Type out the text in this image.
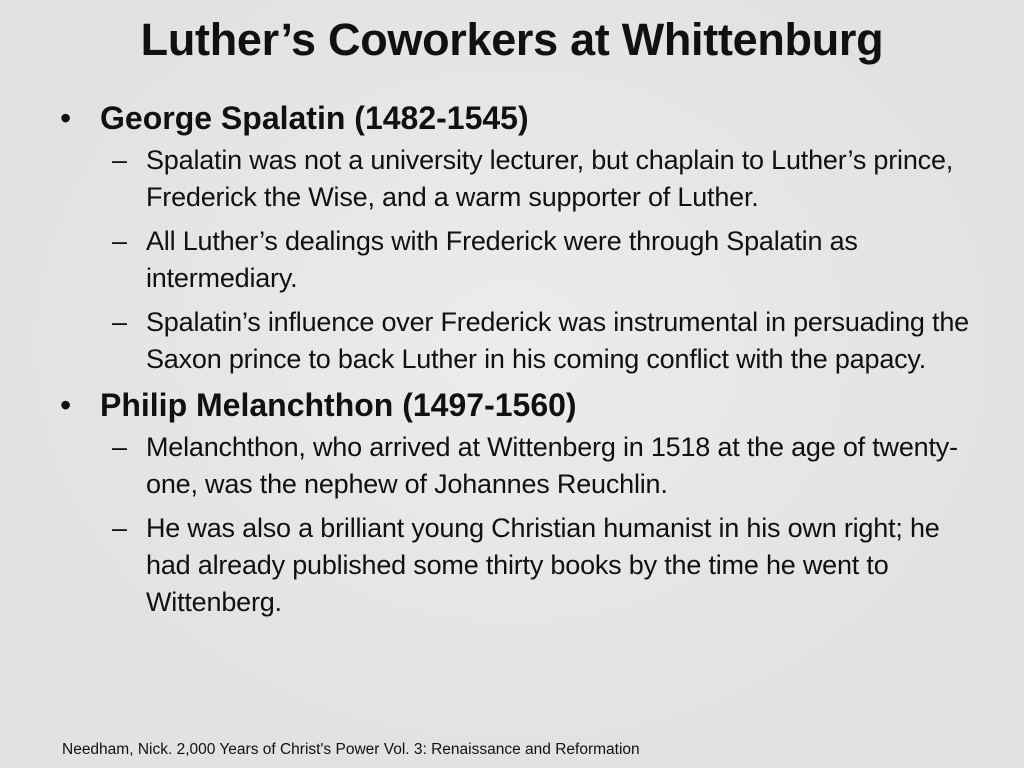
Luther’s Coworkers at Whittenburg
• George Spalatin (1482-1545)
– Spalatin was not a university lecturer, but chaplain to Luther’s prince, Frederick the Wise, and a warm supporter of Luther.
– All Luther’s dealings with Frederick were through Spalatin as intermediary.
– Spalatin’s influence over Frederick was instrumental in persuading the Saxon prince to back Luther in his coming conflict with the papacy.
• Philip Melanchthon (1497-1560)
– Melanchthon, who arrived at Wittenberg in 1518 at the age of twenty-one, was the nephew of Johannes Reuchlin.
– He was also a brilliant young Christian humanist in his own right; he had already published some thirty books by the time he went to Wittenberg.
Needham, Nick. 2,000 Years of Christ's Power Vol. 3: Renaissance and Reformation
